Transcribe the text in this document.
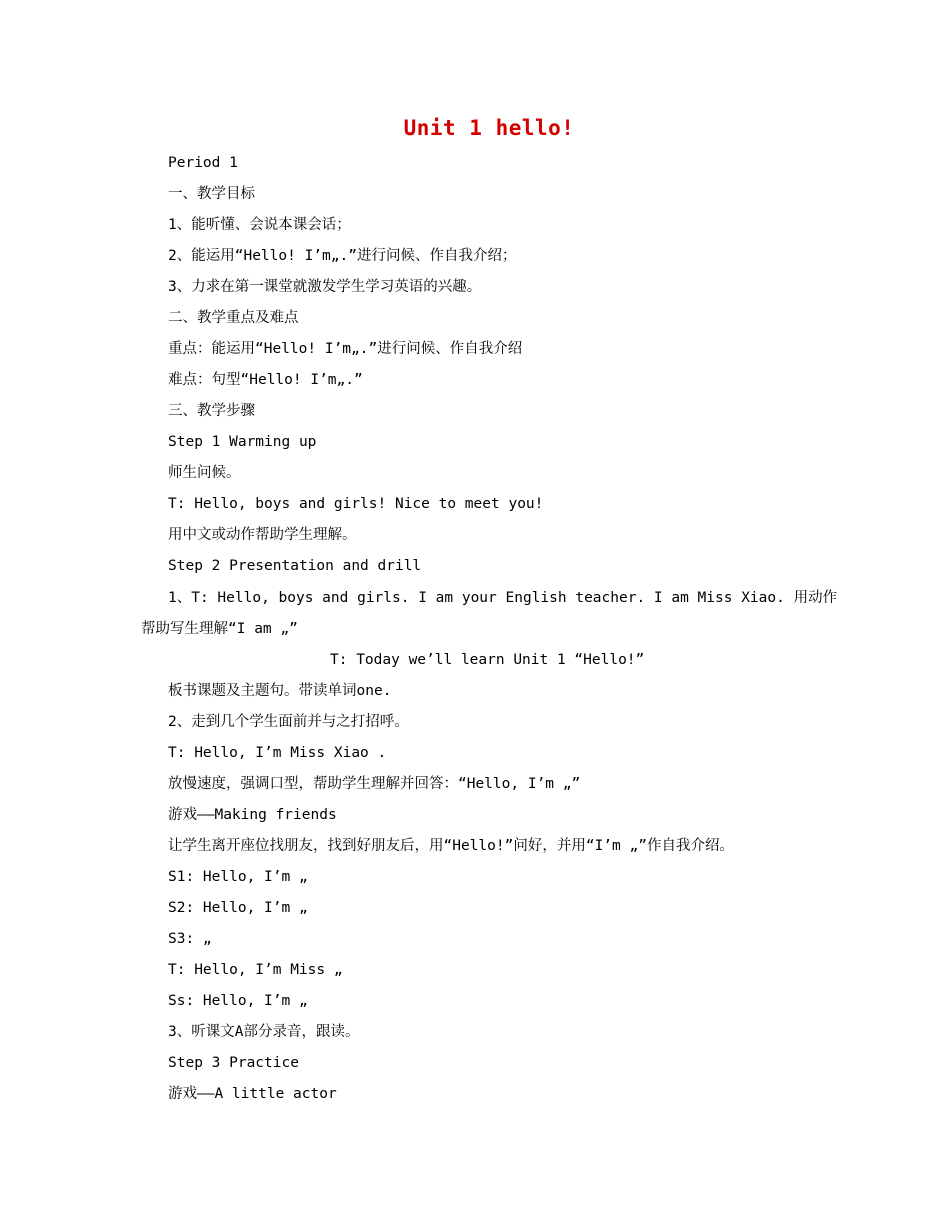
Unit 1 hello!
Period 1
一、教学目标
1、能听懂、会说本课会话；
2、能运用“Hello! I’m„.”进行问候、作自我介绍；
3、力求在第一课堂就激发学生学习英语的兴趣。
二、教学重点及难点
重点：能运用“Hello! I’m„.”进行问候、作自我介绍
难点：句型“Hello! I’m„.”
三、教学步骤
Step 1 Warming up
师生问候。
T: Hello, boys and girls! Nice to meet you!
用中文或动作帮助学生理解。
Step 2 Presentation and drill
1、T: Hello, boys and girls. I am your English teacher. I am Miss Xiao. 用动作
帮助写生理解“I am „”
T: Today we’ll learn Unit 1 “Hello!”
板书课题及主题句。带读单词one.
2、走到几个学生面前并与之打招呼。
T: Hello, I’m Miss Xiao .
放慢速度，强调口型，帮助学生理解并回答：“Hello, I’m „”
游戏——Making friends
让学生离开座位找朋友，找到好朋友后，用“Hello!”问好，并用“I’m „”作自我介绍。
S1: Hello, I’m „
S2: Hello, I’m „
S3: „
T: Hello, I’m Miss „
Ss: Hello, I’m „
3、听课文A部分录音，跟读。
Step 3 Practice
游戏——A little actor
